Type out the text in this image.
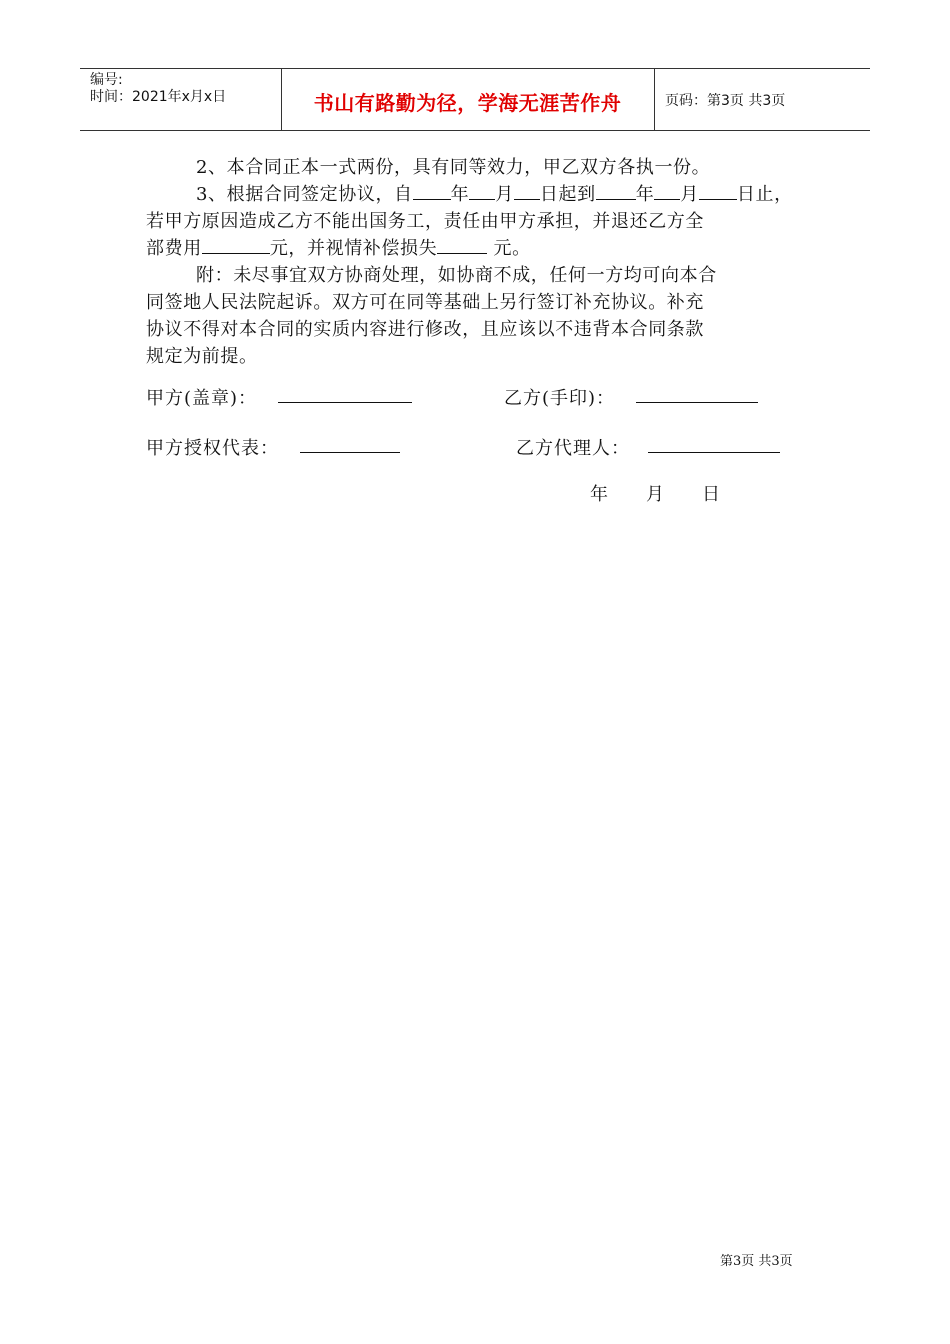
编号:
时间：2021年x月x日	书山有路勤为径，学海无涯苦作舟	页码：第3页 共3页
2、本合同正本一式两份，具有同等效力，甲乙双方各执一份。
3、根据合同签定协议，自 年 月 日起到 年 月 日止，
若甲方原因造成乙方不能出国务工，责任由甲方承担，并退还乙方全
部费用	元，并视情补偿损失	元。
附：未尽事宜双方协商处理，如协商不成，任何一方均可向本合
同签地人民法院起诉。双方可在同等基础上另行签订补充协议。补充
协议不得对本合同的实质内容进行修改，且应该以不违背本合同条款
规定为前提。
甲方(盖章)：	乙方(手印)：
甲方授权代表：	乙方代理人：
年 月 日
第3页 共3页
